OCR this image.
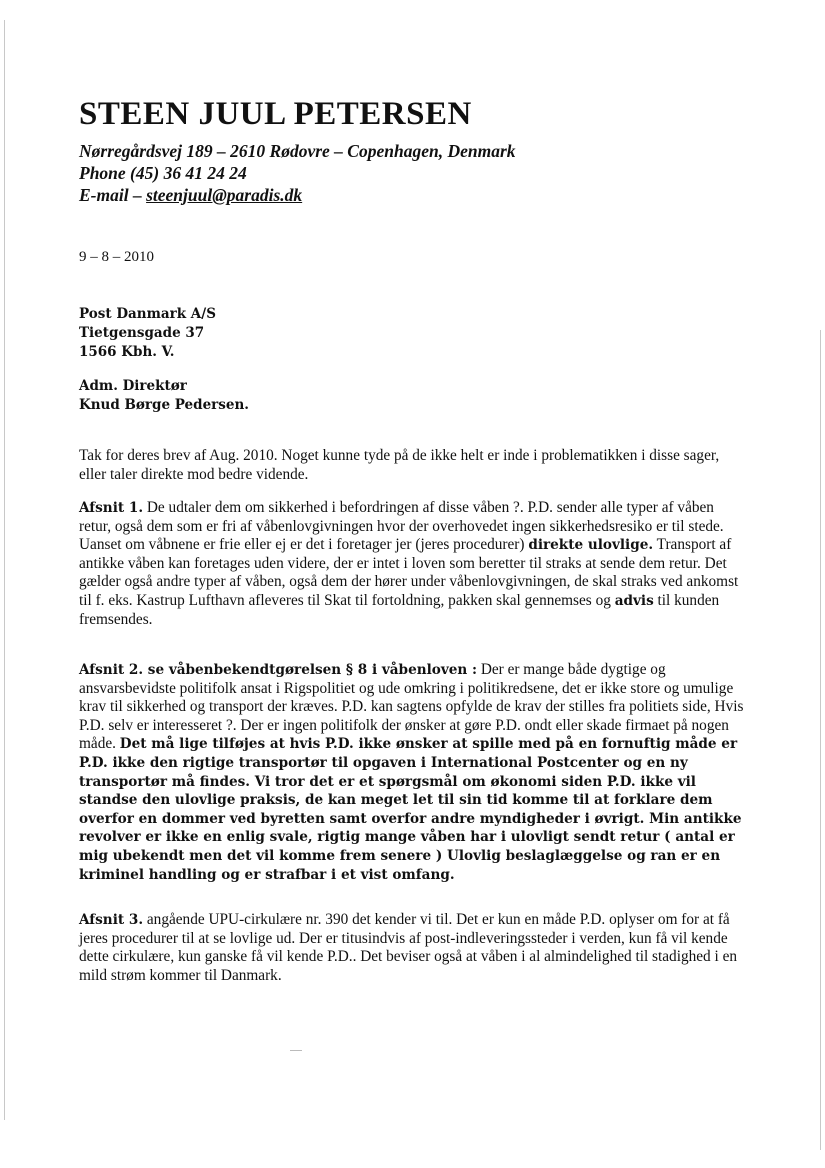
STEEN JUUL PETERSEN
Nørregårdsvej 189 – 2610 Rødovre – Copenhagen, Denmark
Phone (45) 36 41 24 24
E-mail – steenjuul@paradis.dk
9 – 8 – 2010
Post Danmark A/S
Tietgensgade 37
1566 Kbh. V.
Adm. Direktør
Knud Børge Pedersen.
Tak for deres brev af Aug. 2010. Noget kunne tyde på de ikke helt er inde i problematikken i disse sager, eller taler direkte mod bedre vidende.
Afsnit 1. De udtaler dem om sikkerhed i befordringen af disse våben ?. P.D. sender alle typer af våben retur, også dem som er fri af våbenlovgivningen hvor der overhovedet ingen sikkerhedsresiko er til stede. Uanset om våbnene er frie eller ej er det i foretager jer (jeres procedurer) direkte ulovlige. Transport af antikke våben kan foretages uden videre, der er intet i loven som beretter til straks at sende dem retur. Det gælder også andre typer af våben, også dem der hører under våbenlovgivningen, de skal straks ved ankomst til f. eks. Kastrup Lufthavn afleveres til Skat til fortoldning, pakken skal gennemses og advis til kunden fremsendes.
Afsnit 2. se våbenbekendtgørelsen § 8 i våbenloven : Der er mange både dygtige og ansvarsbevidste politifolk ansat i Rigspolitiet og ude omkring i politikredsene, det er ikke store og umulige krav til sikkerhed og transport der kræves. P.D. kan sagtens opfylde de krav der stilles fra politiets side, Hvis P.D. selv er interesseret ?. Der er ingen politifolk der ønsker at gøre P.D. ondt eller skade firmaet på nogen måde. Det må lige tilføjes at hvis P.D. ikke ønsker at spille med på en fornuftig måde er P.D. ikke den rigtige transportør til opgaven i International Postcenter og en ny transportør må findes. Vi tror det er et spørgsmål om økonomi siden P.D. ikke vil standse den ulovlige praksis, de kan meget let til sin tid komme til at forklare dem overfor en dommer ved byretten samt overfor andre myndigheder i øvrigt. Min antikke revolver er ikke en enlig svale, rigtig mange våben har i ulovligt sendt retur ( antal er mig ubekendt men det vil komme frem senere ) Ulovlig beslaglæggelse og ran er en kriminel handling og er strafbar i et vist omfang.
Afsnit 3. angående UPU-cirkulære nr. 390 det kender vi til. Det er kun en måde P.D. oplyser om for at få jeres procedurer til at se lovlige ud. Der er titusindvis af post-indleveringssteder i verden, kun få vil kende dette cirkulære, kun ganske få vil kende P.D.. Det beviser også at våben i al almindelighed til stadighed i en mild strøm kommer til Danmark.
